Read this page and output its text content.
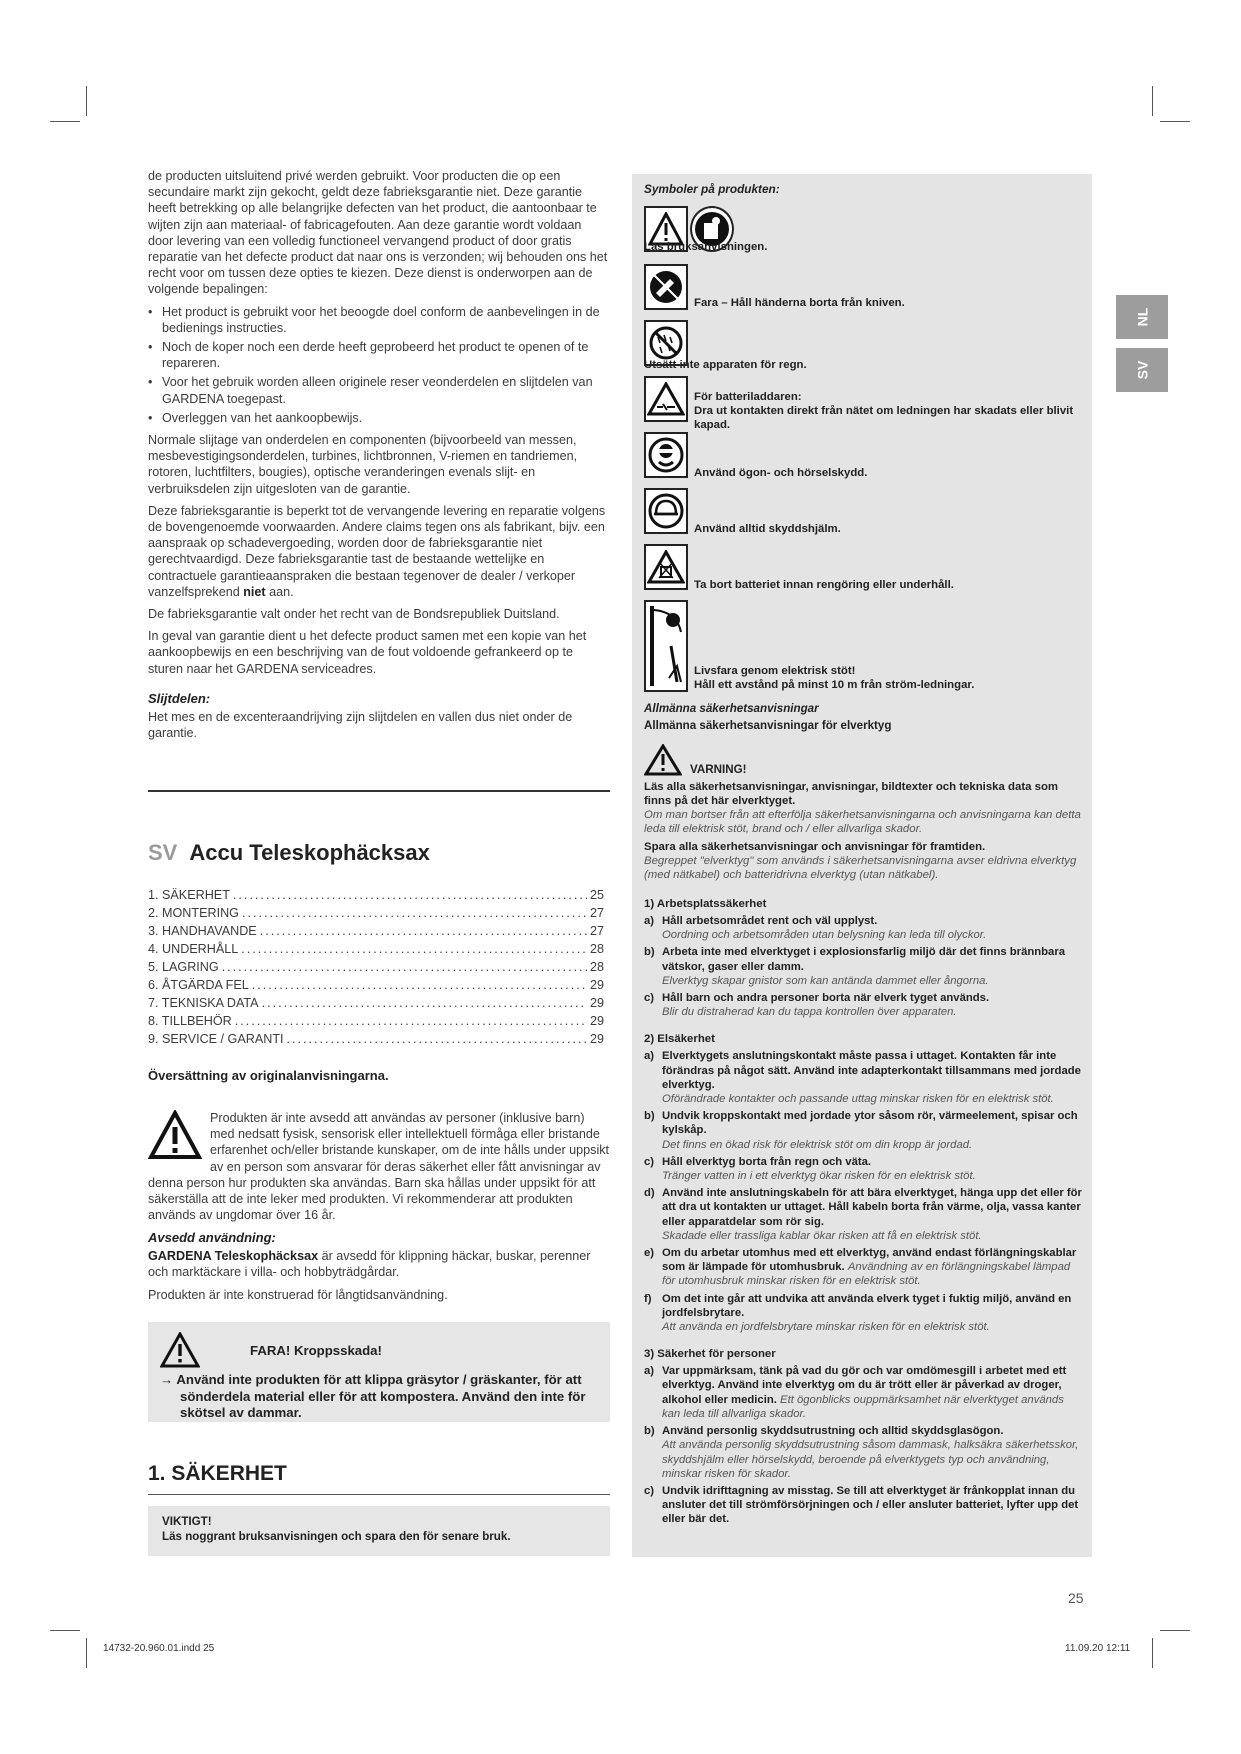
de producten uitsluitend privé werden gebruikt. Voor producten die op een secundaire markt zijn gekocht, geldt deze fabrieksgarantie niet. Deze garantie heeft betrekking op alle belangrijke defecten van het product, die aantoonbaar te wijten zijn aan materiaal- of fabricagefouten. Aan deze garantie wordt voldaan door levering van een volledig functioneel vervangend product of door gratis reparatie van het defecte product dat naar ons is verzonden; wij behouden ons het recht voor om tussen deze opties te kiezen. Deze dienst is onderworpen aan de volgende bepalingen:

• Het product is gebruikt voor het beoogde doel conform de aanbevelingen in de bedienings instructies.
• Noch de koper noch een derde heeft geprobeerd het product te openen of te repareren.
• Voor het gebruik worden alleen originele reser veonderdelen en slijtdelen van GARDENA toegepast.
• Overleggen van het aankoopbewijs.

Normale slijtage van onderdelen en componenten (bijvoorbeeld van messen, mesbevestigingsonderdelen, turbines, lichtbronnen, V-riemen en tandriemen, rotoren, luchtfilters, bougies), optische veranderingen evenals slijt- en verbruiksdelen zijn uitgesloten van de garantie.

Deze fabrieksgarantie is beperkt tot de vervangende levering en reparatie volgens de bovengenoemde voorwaarden. Andere claims tegen ons als fabrikant, bijv. een aanspraak op schadevergoeding, worden door de fabrieksgarantie niet gerechtvaardigd. Deze fabrieksgarantie tast de bestaande wettelijke en contractuele garantieaanspraken die bestaan tegenover de dealer / verkoper vanzelfsprekend niet aan.

De fabrieksgarantie valt onder het recht van de Bondsrepubliek Duitsland.

In geval van garantie dient u het defecte product samen met een kopie van het aankoopbewijs en een beschrijving van de fout voldoende gefrankeerd op te sturen naar het GARDENA serviceadres.

Slijtdelen:

Het mes en de excenteraandrijving zijn slijtdelen en vallen dus niet onder de garantie.

SV Accu Teleskophäcksax
1. SÄKERHET .....	25
2. MONTERING .....	27
3. HANDHAVANDE .....	27
4. UNDERHÅLL .....	28
5. LAGRING .....	28
6. ÅTGÄRDA FEL .....	29
7. TEKNISKA DATA .....	29
8. TILLBEHÖR .....	29
9. SERVICE / GARANTI .....	29
Översättning av originalanvisningarna.
Produkten är inte avsedd att användas av personer (inklusive barn) med nedsatt fysisk, sensorisk eller intellektuell förmåga eller bristande erfarenhet och/eller bristande kunskaper, om de inte hålls under uppsikt av en person som ansvarar för deras säkerhet eller fått anvisningar av denna person hur produkten ska användas. Barn ska hållas under uppsikt för att säkerställa att de inte leker med produkten. Vi rekommenderar att produkten används av ungdomar över 16 år.
Avsedd användning:

GARDENA Teleskophäcksax är avsedd för klippning häckar, buskar, perenner och marktäckare i villa- och hobbyträdgårdar.

Produkten är inte konstruerad för långtidsanvändning.

FARA! Kroppsskada!
→ Använd inte produkten för att klippa gräsytor / gräskanter, för att sönderdela material eller för att kompostera. Använd den inte för skötsel av dammar.
1. SÄKERHET
VIKTIGT!
Läs noggrant bruksanvisningen och spara den för senare bruk.
Symboler på produkten:
Läs bruksanvisningen.
Fara – Håll händerna borta från kniven.
Utsätt inte apparaten för regn.
För batteriladdaren:
Dra ut kontakten direkt från nätet om ledningen har skadats eller blivit kapad.
Använd ögon- och hörselskydd.
Använd alltid skyddshjälm.
Ta bort batteriet innan rengöring eller underhåll.
Livsfara genom elektrisk stöt!
Håll ett avstånd på minst 10 m från ström-ledningar.
Allmänna säkerhetsanvisningar
Allmänna säkerhetsanvisningar för elverktyg
VARNING!
Läs alla säkerhetsanvisningar, anvisningar, bildtexter och tekniska data som finns på det här elverktyget.
Om man bortser från att efterfölja säkerhetsanvisningarna och anvisningarna kan detta leda till elektrisk stöt, brand och / eller allvarliga skador.
Spara alla säkerhetsanvisningar och anvisningar för framtiden.
Begreppet "elverktyg" som används i säkerhetsanvisningarna avser eldrivna elverktyg (med nätkabel) och batteridrivna elverktyg (utan nätkabel).
1) Arbetsplatssäkerhet
a) Håll arbetsområdet rent och väl upplyst.
Oordning och arbetsområden utan belysning kan leda till olyckor.
b) Arbeta inte med elverktyget i explosionsfarlig miljö där det finns brännbara vätskor, gaser eller damm.
Elverktyg skapar gnistor som kan antända dammet eller ångorna.
c) Håll barn och andra personer borta när elverk tyget används.
Blir du distraherad kan du tappa kontrollen över apparaten.
2) Elsäkerhet
a) Elverktygets anslutningskontakt måste passa i uttaget. Kontakten får inte förändras på något sätt. Använd inte adapterkontakt tillsammans med jordade elverktyg.
Oförändrade kontakter och passande uttag minskar risken för en elektrisk stöt.
b) Undvik kroppskontakt med jordade ytor såsom rör, värmeelement, spisar och kylskåp.
Det finns en ökad risk för elektrisk stöt om din kropp är jordad.
c) Håll elverktyg borta från regn och väta.
Tränger vatten in i ett elverktyg ökar risken för en elektrisk stöt.
d) Använd inte anslutningskabeln för att bära elverktyget, hänga upp det eller för att dra ut kontakten ur uttaget. Håll kabeln borta från värme, olja, vassa kanter eller apparatdelar som rör sig.
Skadade eller trassliga kablar ökar risken att få en elektrisk stöt.
e) Om du arbetar utomhus med ett elverktyg, använd endast förlängningskablar som är lämpade för utomhusbruk. Användning av en förlängningskabel lämpad för utomhusbruk minskar risken för en elektrisk stöt.
f) Om det inte går att undvika att använda elverk tyget i fuktig miljö, använd en jordfelsbrytare.
Att använda en jordfelsbrytare minskar risken för en elektrisk stöt.
3) Säkerhet för personer
a) Var uppmärksam, tänk på vad du gör och var omdömesgill i arbetet med ett elverktyg. Använd inte elverktyg om du är trött eller är påverkad av droger, alkohol eller medicin. Ett ögonblicks ouppmärksamhet när elverktyget används kan leda till allvarliga skador.
b) Använd personlig skyddsutrustning och alltid skyddsglasögon.
Att använda personlig skyddsutrustning såsom dammask, halksäkra säkerhetsskor, skyddshjälm eller hörselskydd, beroende på elverktygets typ och användning, minskar risken för skador.
c) Undvik idrifttagning av misstag. Se till att elverktyget är frånkopplat innan du ansluter det till strömförsörjningen och / eller ansluter batteriet, lyfter upp det eller bär det.
NL
SV
25
14732-20.960.01.indd 25	11.09.20 12:11
